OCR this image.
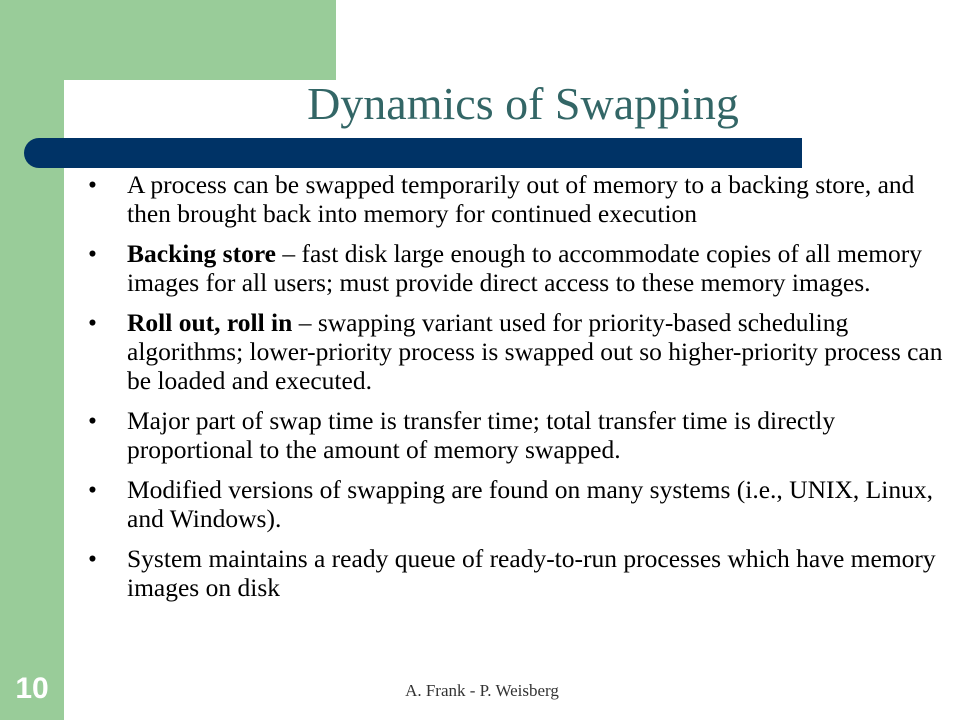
Dynamics of Swapping
• A process can be swapped temporarily out of memory to a backing store, and then brought back into memory for continued execution
• Backing store – fast disk large enough to accommodate copies of all memory images for all users; must provide direct access to these memory images.
• Roll out, roll in – swapping variant used for priority-based scheduling algorithms; lower-priority process is swapped out so higher-priority process can be loaded and executed.
• Major part of swap time is transfer time; total transfer time is directly proportional to the amount of memory swapped.
• Modified versions of swapping are found on many systems (i.e., UNIX, Linux, and Windows).
• System maintains a ready queue of ready-to-run processes which have memory images on disk
10	A. Frank - P. Weisberg
